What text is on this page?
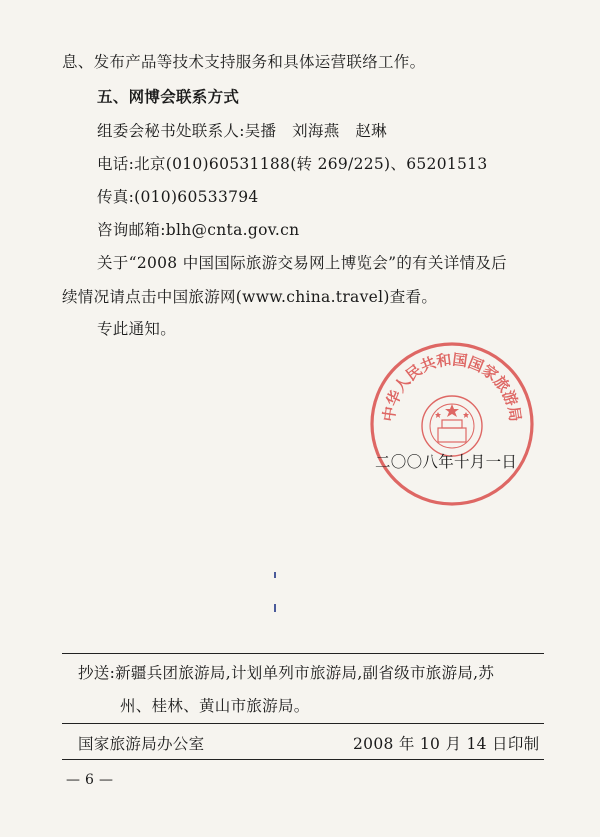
息、发布产品等技术支持服务和具体运营联络工作。
五、网博会联系方式
组委会秘书处联系人:吴播　刘海燕　赵琳
电话:北京(010)60531188(转 269/225)、65201513
传真:(010)60533794
咨询邮箱:blh@cnta.gov.cn
关于“2008 中国国际旅游交易网上博览会”的有关详情及后
续情况请点击中国旅游网(www.china.travel)查看。
专此通知。
中华人民共和国国家旅游局
二〇〇八年十月一日
抄送:新疆兵团旅游局,计划单列市旅游局,副省级市旅游局,苏
州、桂林、黄山市旅游局。
国家旅游局办公室	2008 年 10 月 14 日印制
— 6 —
